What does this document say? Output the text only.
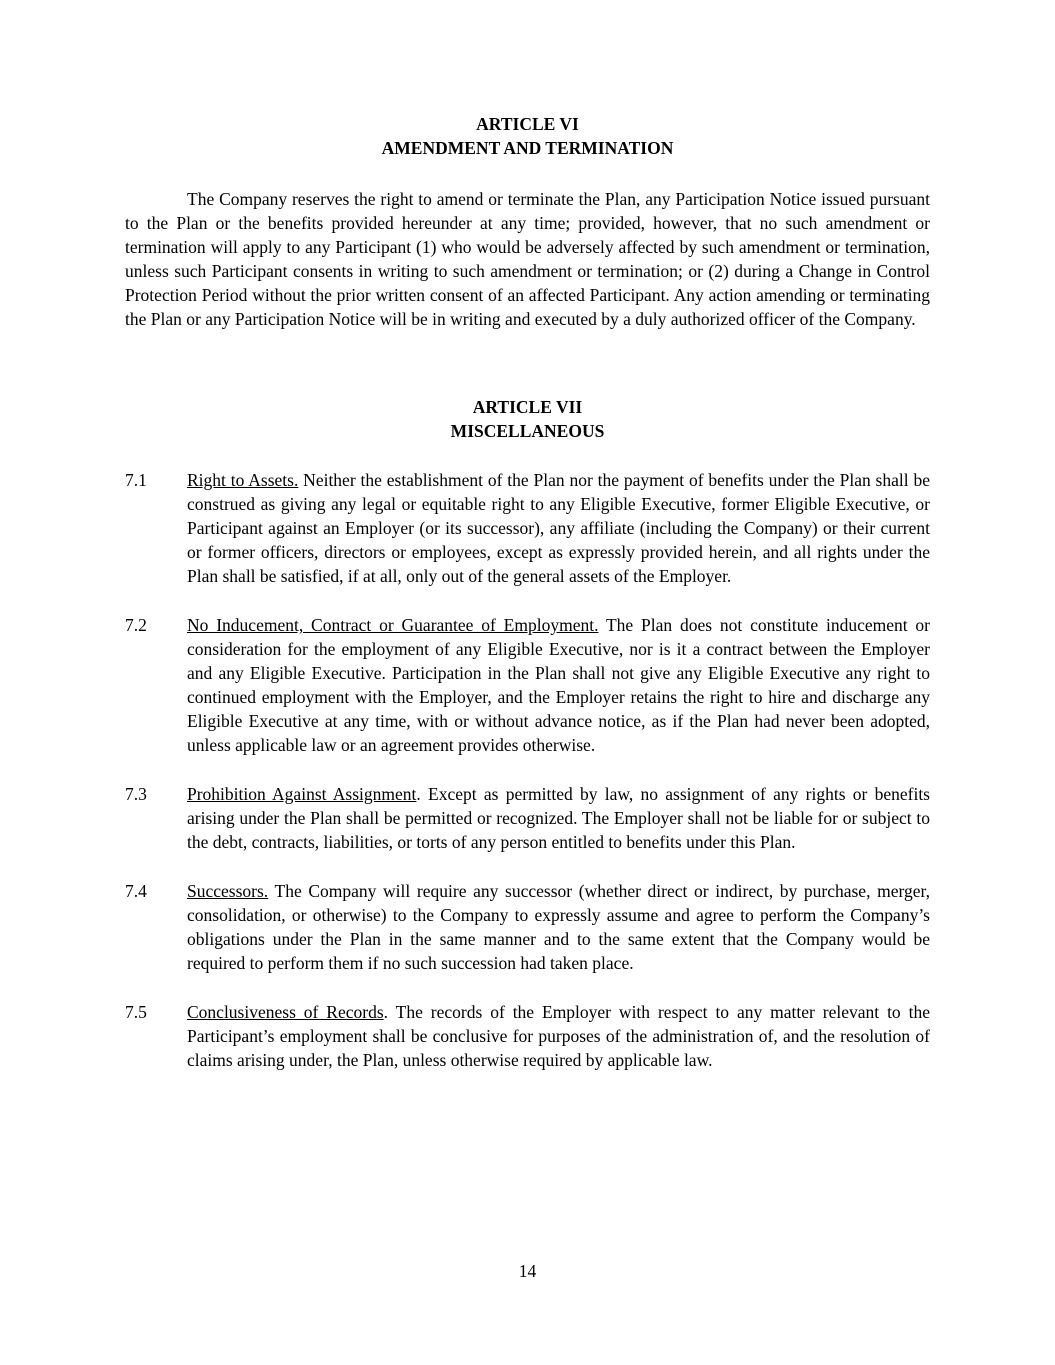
ARTICLE VI
AMENDMENT AND TERMINATION

The Company reserves the right to amend or terminate the Plan, any Participation Notice issued pursuant to the Plan or the benefits provided hereunder at any time; provided, however, that no such amendment or termination will apply to any Participant (1) who would be adversely affected by such amendment or termination, unless such Participant consents in writing to such amendment or termination; or (2) during a Change in Control Protection Period without the prior written consent of an affected Participant. Any action amending or terminating the Plan or any Participation Notice will be in writing and executed by a duly authorized officer of the Company.

ARTICLE VII
MISCELLANEOUS
7.1	Right to Assets. Neither the establishment of the Plan nor the payment of benefits under the Plan shall be construed as giving any legal or equitable right to any Eligible Executive, former Eligible Executive, or Participant against an Employer (or its successor), any affiliate (including the Company) or their current or former officers, directors or employees, except as expressly provided herein, and all rights under the Plan shall be satisfied, if at all, only out of the general assets of the Employer.
7.2	No Inducement, Contract or Guarantee of Employment. The Plan does not constitute inducement or consideration for the employment of any Eligible Executive, nor is it a contract between the Employer and any Eligible Executive. Participation in the Plan shall not give any Eligible Executive any right to continued employment with the Employer, and the Employer retains the right to hire and discharge any Eligible Executive at any time, with or without advance notice, as if the Plan had never been adopted, unless applicable law or an agreement provides otherwise.
7.3	Prohibition Against Assignment. Except as permitted by law, no assignment of any rights or benefits arising under the Plan shall be permitted or recognized. The Employer shall not be liable for or subject to the debt, contracts, liabilities, or torts of any person entitled to benefits under this Plan.
7.4	Successors. The Company will require any successor (whether direct or indirect, by purchase, merger, consolidation, or otherwise) to the Company to expressly assume and agree to perform the Company’s obligations under the Plan in the same manner and to the same extent that the Company would be required to perform them if no such succession had taken place.
7.5	Conclusiveness of Records. The records of the Employer with respect to any matter relevant to the Participant’s employment shall be conclusive for purposes of the administration of, and the resolution of claims arising under, the Plan, unless otherwise required by applicable law.
14
